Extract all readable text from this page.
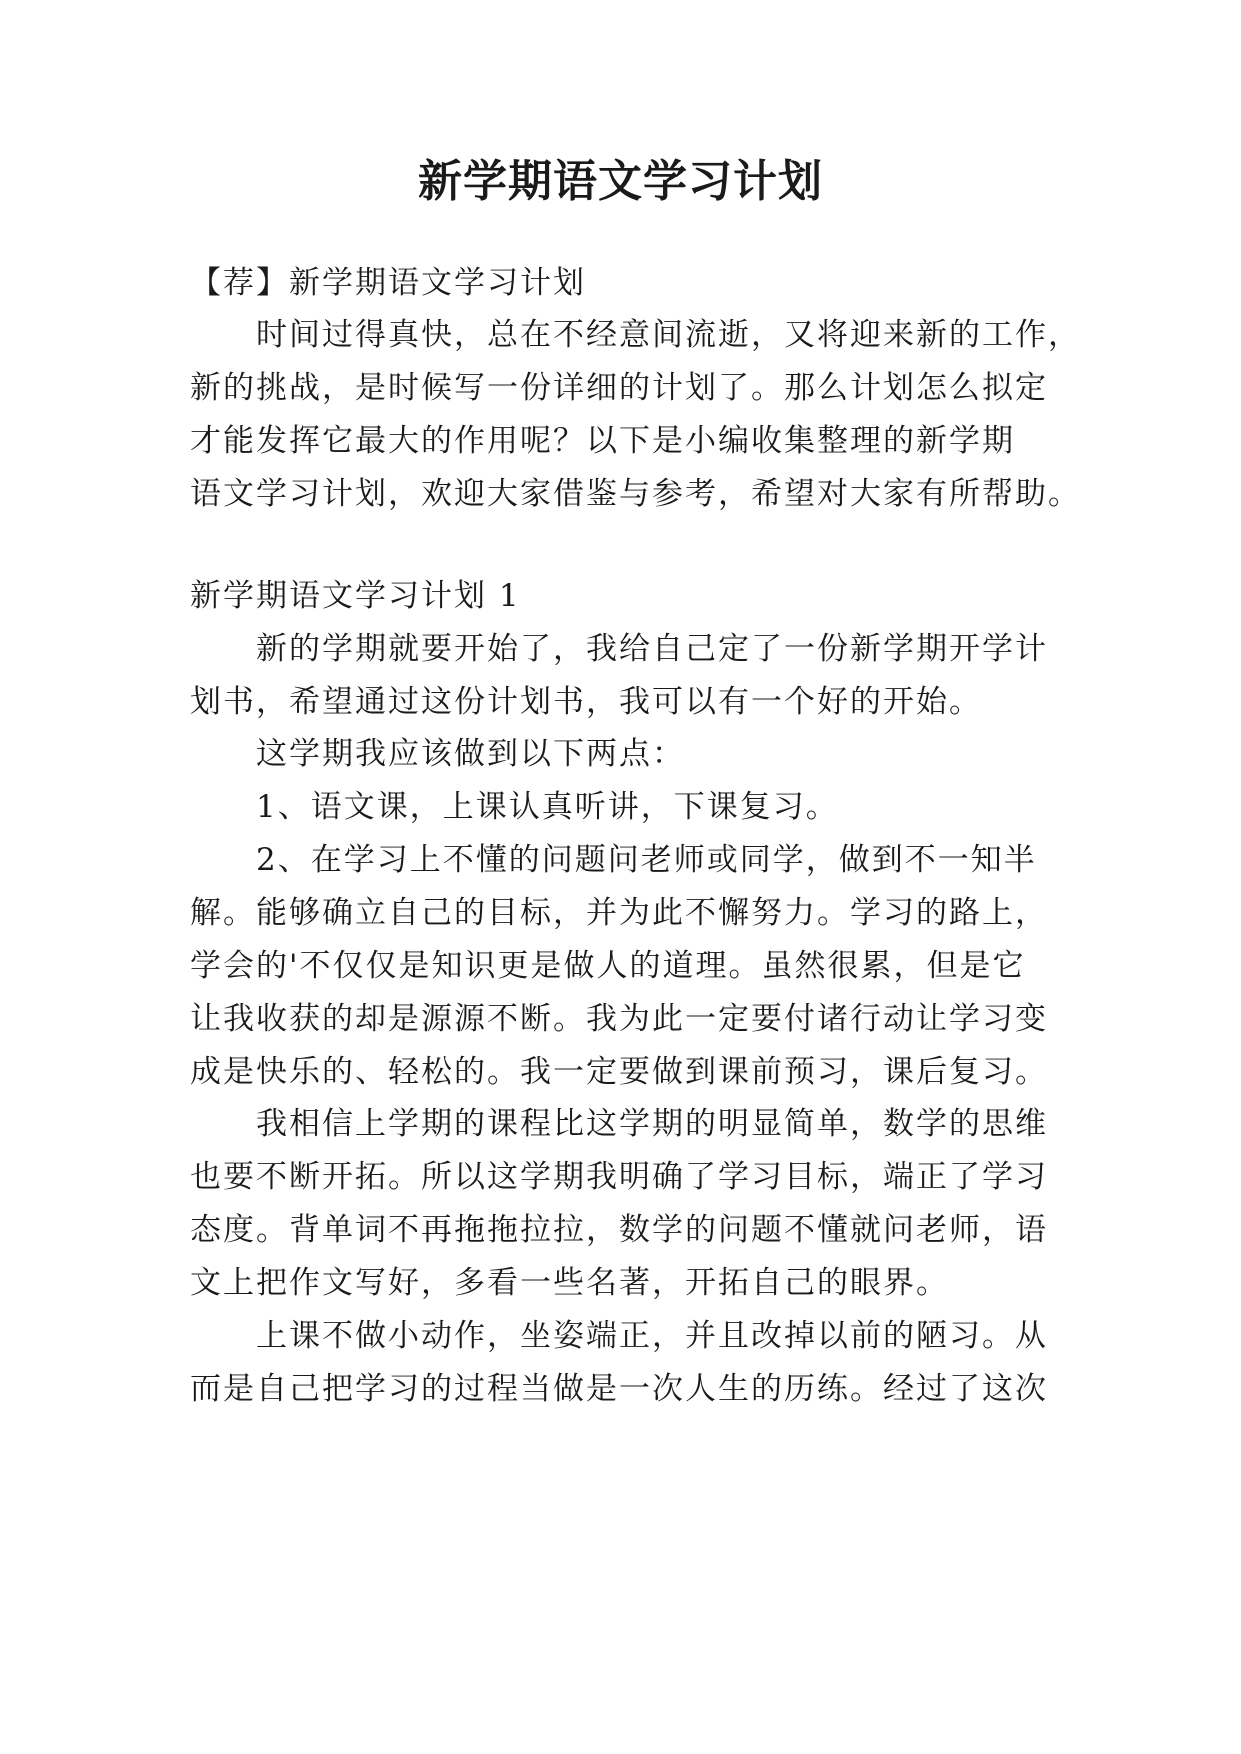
新学期语文学习计划
【荐】新学期语文学习计划
时间过得真快，总在不经意间流逝，又将迎来新的工作，
新的挑战，是时候写一份详细的计划了。那么计划怎么拟定
才能发挥它最大的作用呢？以下是小编收集整理的新学期
语文学习计划，欢迎大家借鉴与参考，希望对大家有所帮助。
新学期语文学习计划 1
新的学期就要开始了，我给自己定了一份新学期开学计
划书，希望通过这份计划书，我可以有一个好的开始。
这学期我应该做到以下两点：
1、语文课，上课认真听讲，下课复习。
2、在学习上不懂的问题问老师或同学，做到不一知半
解。能够确立自己的目标，并为此不懈努力。学习的路上，
学会的'不仅仅是知识更是做人的道理。虽然很累，但是它
让我收获的却是源源不断。我为此一定要付诸行动让学习变
成是快乐的、轻松的。我一定要做到课前预习，课后复习。
我相信上学期的课程比这学期的明显简单，数学的思维
也要不断开拓。所以这学期我明确了学习目标，端正了学习
态度。背单词不再拖拖拉拉，数学的问题不懂就问老师，语
文上把作文写好，多看一些名著，开拓自己的眼界。
上课不做小动作，坐姿端正，并且改掉以前的陋习。从
而是自己把学习的过程当做是一次人生的历练。经过了这次
